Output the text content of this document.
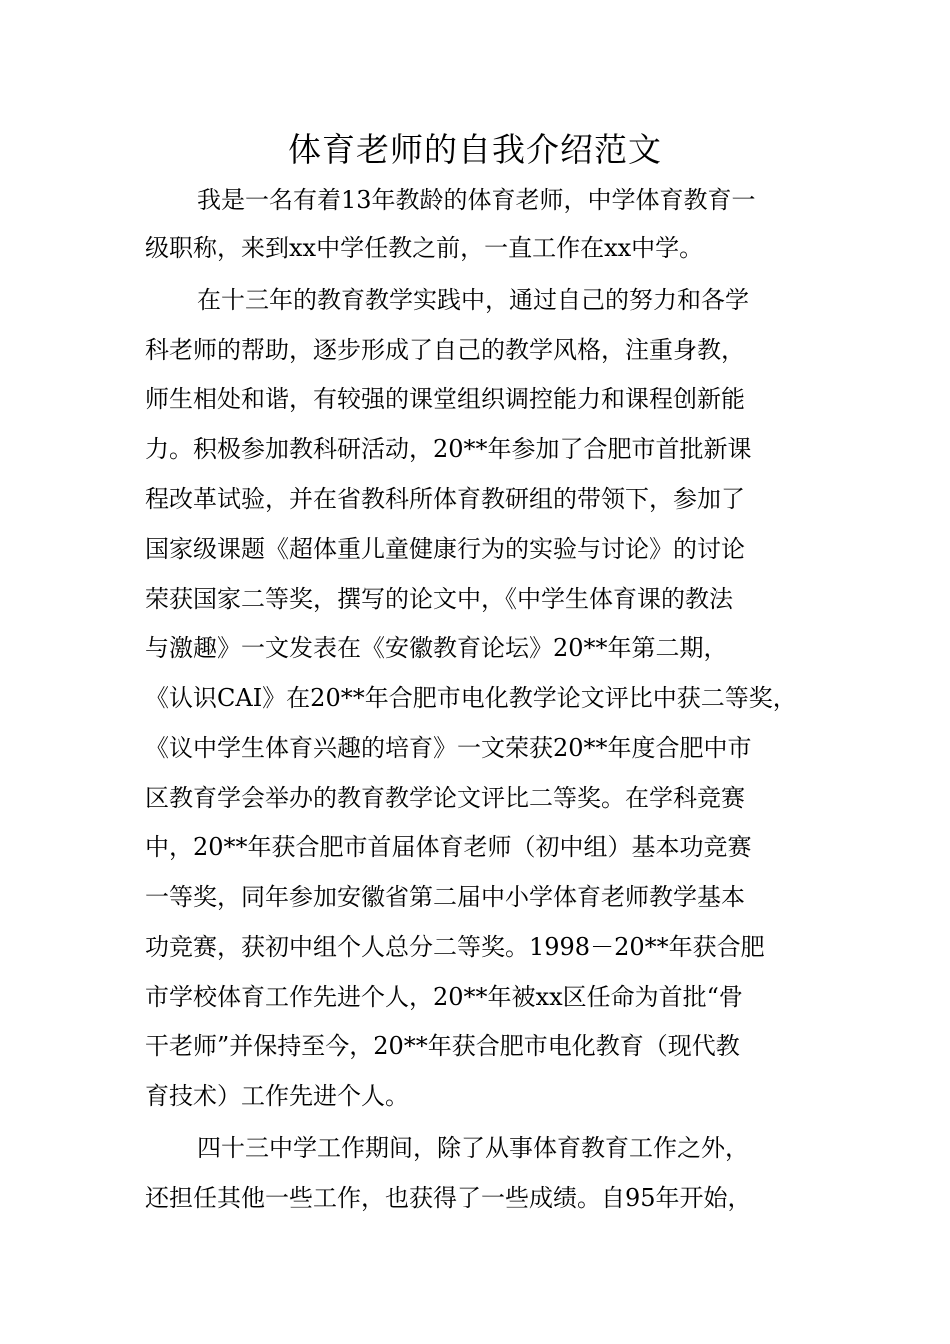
体育老师的自我介绍范文
我是一名有着13年教龄的体育老师，中学体育教育一
级职称，来到xx中学任教之前，一直工作在xx中学。
在十三年的教育教学实践中，通过自己的努力和各学
科老师的帮助，逐步形成了自己的教学风格，注重身教，
师生相处和谐，有较强的课堂组织调控能力和课程创新能
力。积极参加教科研活动，20**年参加了合肥市首批新课
程改革试验，并在省教科所体育教研组的带领下，参加了
国家级课题《超体重儿童健康行为的实验与讨论》的讨论
荣获国家二等奖，撰写的论文中，《中学生体育课的教法
与激趣》一文发表在《安徽教育论坛》20**年第二期，
《认识CAI》在20**年合肥市电化教学论文评比中获二等奖，
《议中学生体育兴趣的培育》一文荣获20**年度合肥中市
区教育学会举办的教育教学论文评比二等奖。在学科竞赛
中，20**年获合肥市首届体育老师（初中组）基本功竞赛
一等奖，同年参加安徽省第二届中小学体育老师教学基本
功竞赛，获初中组个人总分二等奖。1998－20**年获合肥
市学校体育工作先进个人，20**年被xx区任命为首批“骨
干老师”并保持至今，20**年获合肥市电化教育（现代教
育技术）工作先进个人。
四十三中学工作期间，除了从事体育教育工作之外，
还担任其他一些工作，也获得了一些成绩。自95年开始，
